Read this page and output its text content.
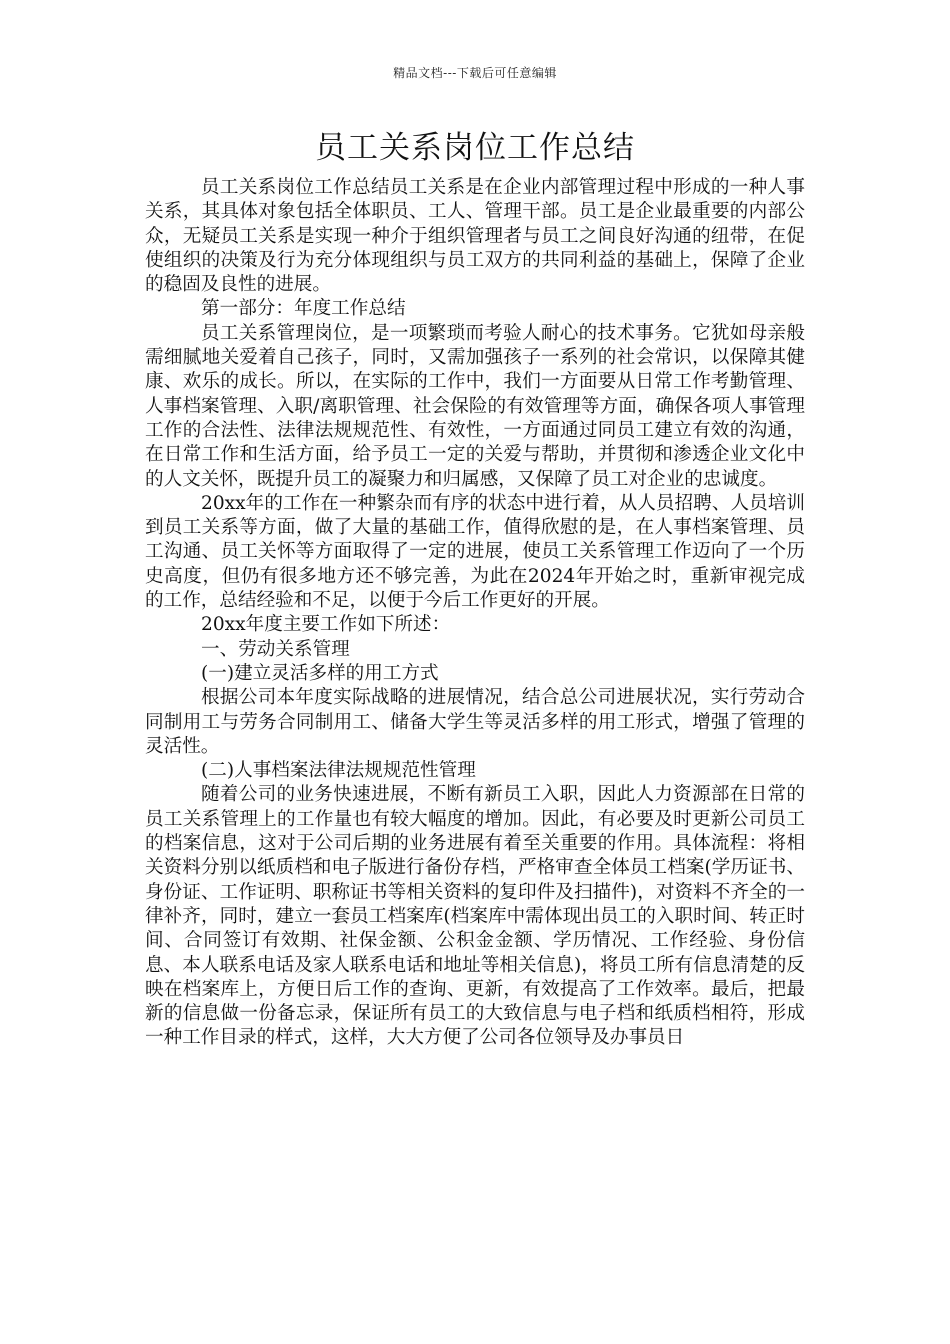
精品文档---下载后可任意编辑
员工关系岗位工作总结

员工关系岗位工作总结员工关系是在企业内部管理过程中形成的一种人事关系，其具体对象包括全体职员、工人、管理干部。员工是企业最重要的内部公众，无疑员工关系是实现一种介于组织管理者与员工之间良好沟通的纽带，在促使组织的决策及行为充分体现组织与员工双方的共同利益的基础上，保障了企业的稳固及良性的进展。

第一部分：年度工作总结

员工关系管理岗位，是一项繁琐而考验人耐心的技术事务。它犹如母亲般需细腻地关爱着自己孩子，同时，又需加强孩子一系列的社会常识，以保障其健康、欢乐的成长。所以，在实际的工作中，我们一方面要从日常工作考勤管理、人事档案管理、入职/离职管理、社会保险的有效管理等方面，确保各项人事管理工作的合法性、法律法规规范性、有效性，一方面通过同员工建立有效的沟通，在日常工作和生活方面，给予员工一定的关爱与帮助，并贯彻和渗透企业文化中的人文关怀，既提升员工的凝聚力和归属感，又保障了员工对企业的忠诚度。

20xx年的工作在一种繁杂而有序的状态中进行着，从人员招聘、人员培训到员工关系等方面，做了大量的基础工作，值得欣慰的是，在人事档案管理、员工沟通、员工关怀等方面取得了一定的进展，使员工关系管理工作迈向了一个历史高度，但仍有很多地方还不够完善，为此在2024年开始之时，重新审视完成的工作，总结经验和不足，以便于今后工作更好的开展。

20xx年度主要工作如下所述：

一、劳动关系管理

(一)建立灵活多样的用工方式

根据公司本年度实际战略的进展情况，结合总公司进展状况，实行劳动合同制用工与劳务合同制用工、储备大学生等灵活多样的用工形式，增强了管理的灵活性。

(二)人事档案法律法规规范性管理

随着公司的业务快速进展，不断有新员工入职，因此人力资源部在日常的员工关系管理上的工作量也有较大幅度的增加。因此，有必要及时更新公司员工的档案信息，这对于公司后期的业务进展有着至关重要的作用。具体流程：将相关资料分别以纸质档和电子版进行备份存档，严格审查全体员工档案(学历证书、身份证、工作证明、职称证书等相关资料的复印件及扫描件)，对资料不齐全的一律补齐，同时，建立一套员工档案库(档案库中需体现出员工的入职时间、转正时间、合同签订有效期、社保金额、公积金金额、学历情况、工作经验、身份信息、本人联系电话及家人联系电话和地址等相关信息)，将员工所有信息清楚的反映在档案库上，方便日后工作的查询、更新，有效提高了工作效率。最后，把最新的信息做一份备忘录，保证所有员工的大致信息与电子档和纸质档相符，形成一种工作目录的样式，这样，大大方便了公司各位领导及办事员日
